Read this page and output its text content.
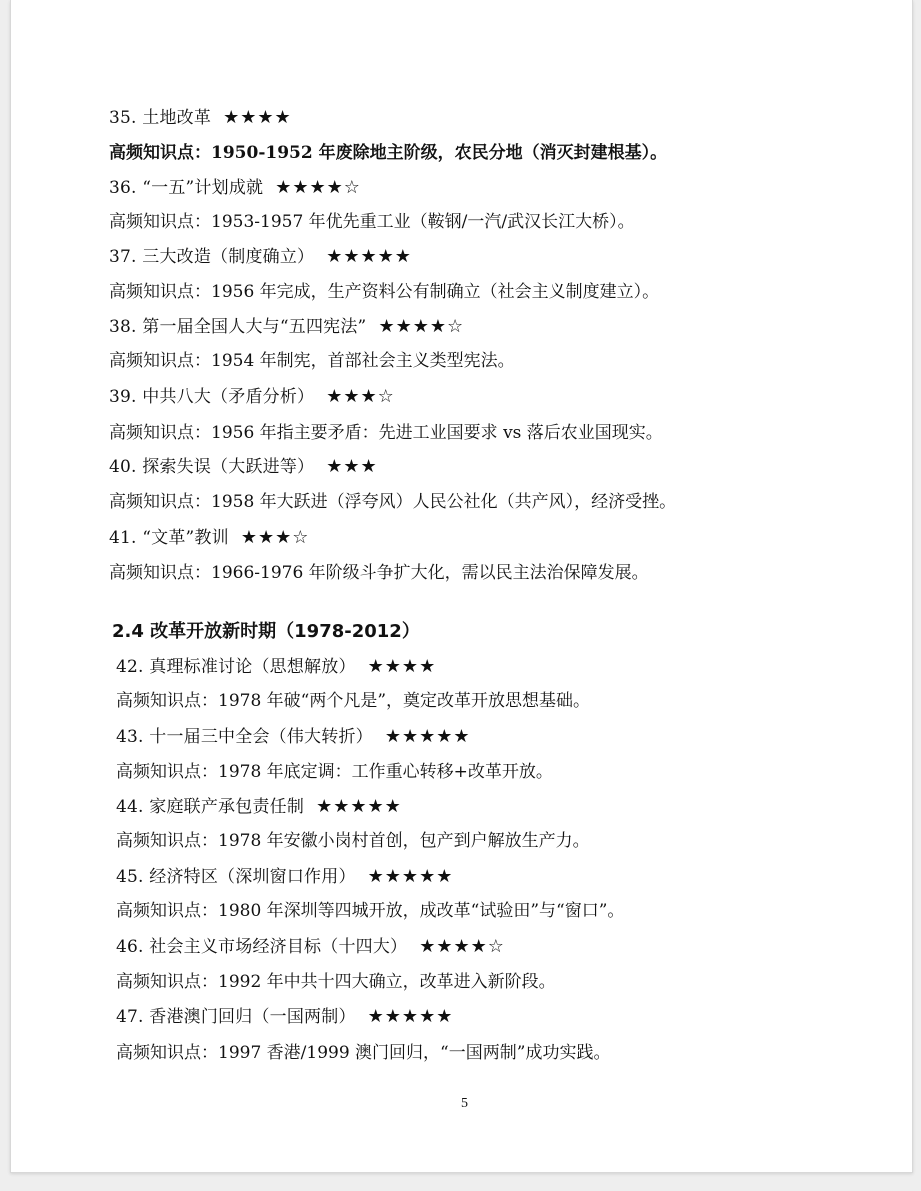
35. 土地改革 ★★★★
高频知识点：1950-1952 年废除地主阶级，农民分地（消灭封建根基）。
36. “一五”计划成就 ★★★★☆
高频知识点：1953-1957 年优先重工业（鞍钢/一汽/武汉长江大桥）。
37. 三大改造（制度确立） ★★★★★
高频知识点：1956 年完成，生产资料公有制确立（社会主义制度建立）。
38. 第一届全国人大与“五四宪法” ★★★★☆
高频知识点：1954 年制宪，首部社会主义类型宪法。
39. 中共八大（矛盾分析） ★★★☆
高频知识点：1956 年指主要矛盾：先进工业国要求 vs 落后农业国现实。
40. 探索失误（大跃进等） ★★★
高频知识点：1958 年大跃进（浮夸风）人民公社化（共产风），经济受挫。
41. “文革”教训 ★★★☆
高频知识点：1966-1976 年阶级斗争扩大化，需以民主法治保障发展。
2.4 改革开放新时期（1978-2012）
42. 真理标准讨论（思想解放） ★★★★
高频知识点：1978 年破“两个凡是”，奠定改革开放思想基础。
43. 十一届三中全会（伟大转折） ★★★★★
高频知识点：1978 年底定调：工作重心转移+改革开放。
44. 家庭联产承包责任制 ★★★★★
高频知识点：1978 年安徽小岗村首创，包产到户解放生产力。
45. 经济特区（深圳窗口作用） ★★★★★
高频知识点：1980 年深圳等四城开放，成改革“试验田”与“窗口”。
46. 社会主义市场经济目标（十四大） ★★★★☆
高频知识点：1992 年中共十四大确立，改革进入新阶段。
47. 香港澳门回归（一国两制） ★★★★★
高频知识点：1997 香港/1999 澳门回归，“一国两制”成功实践。
5
